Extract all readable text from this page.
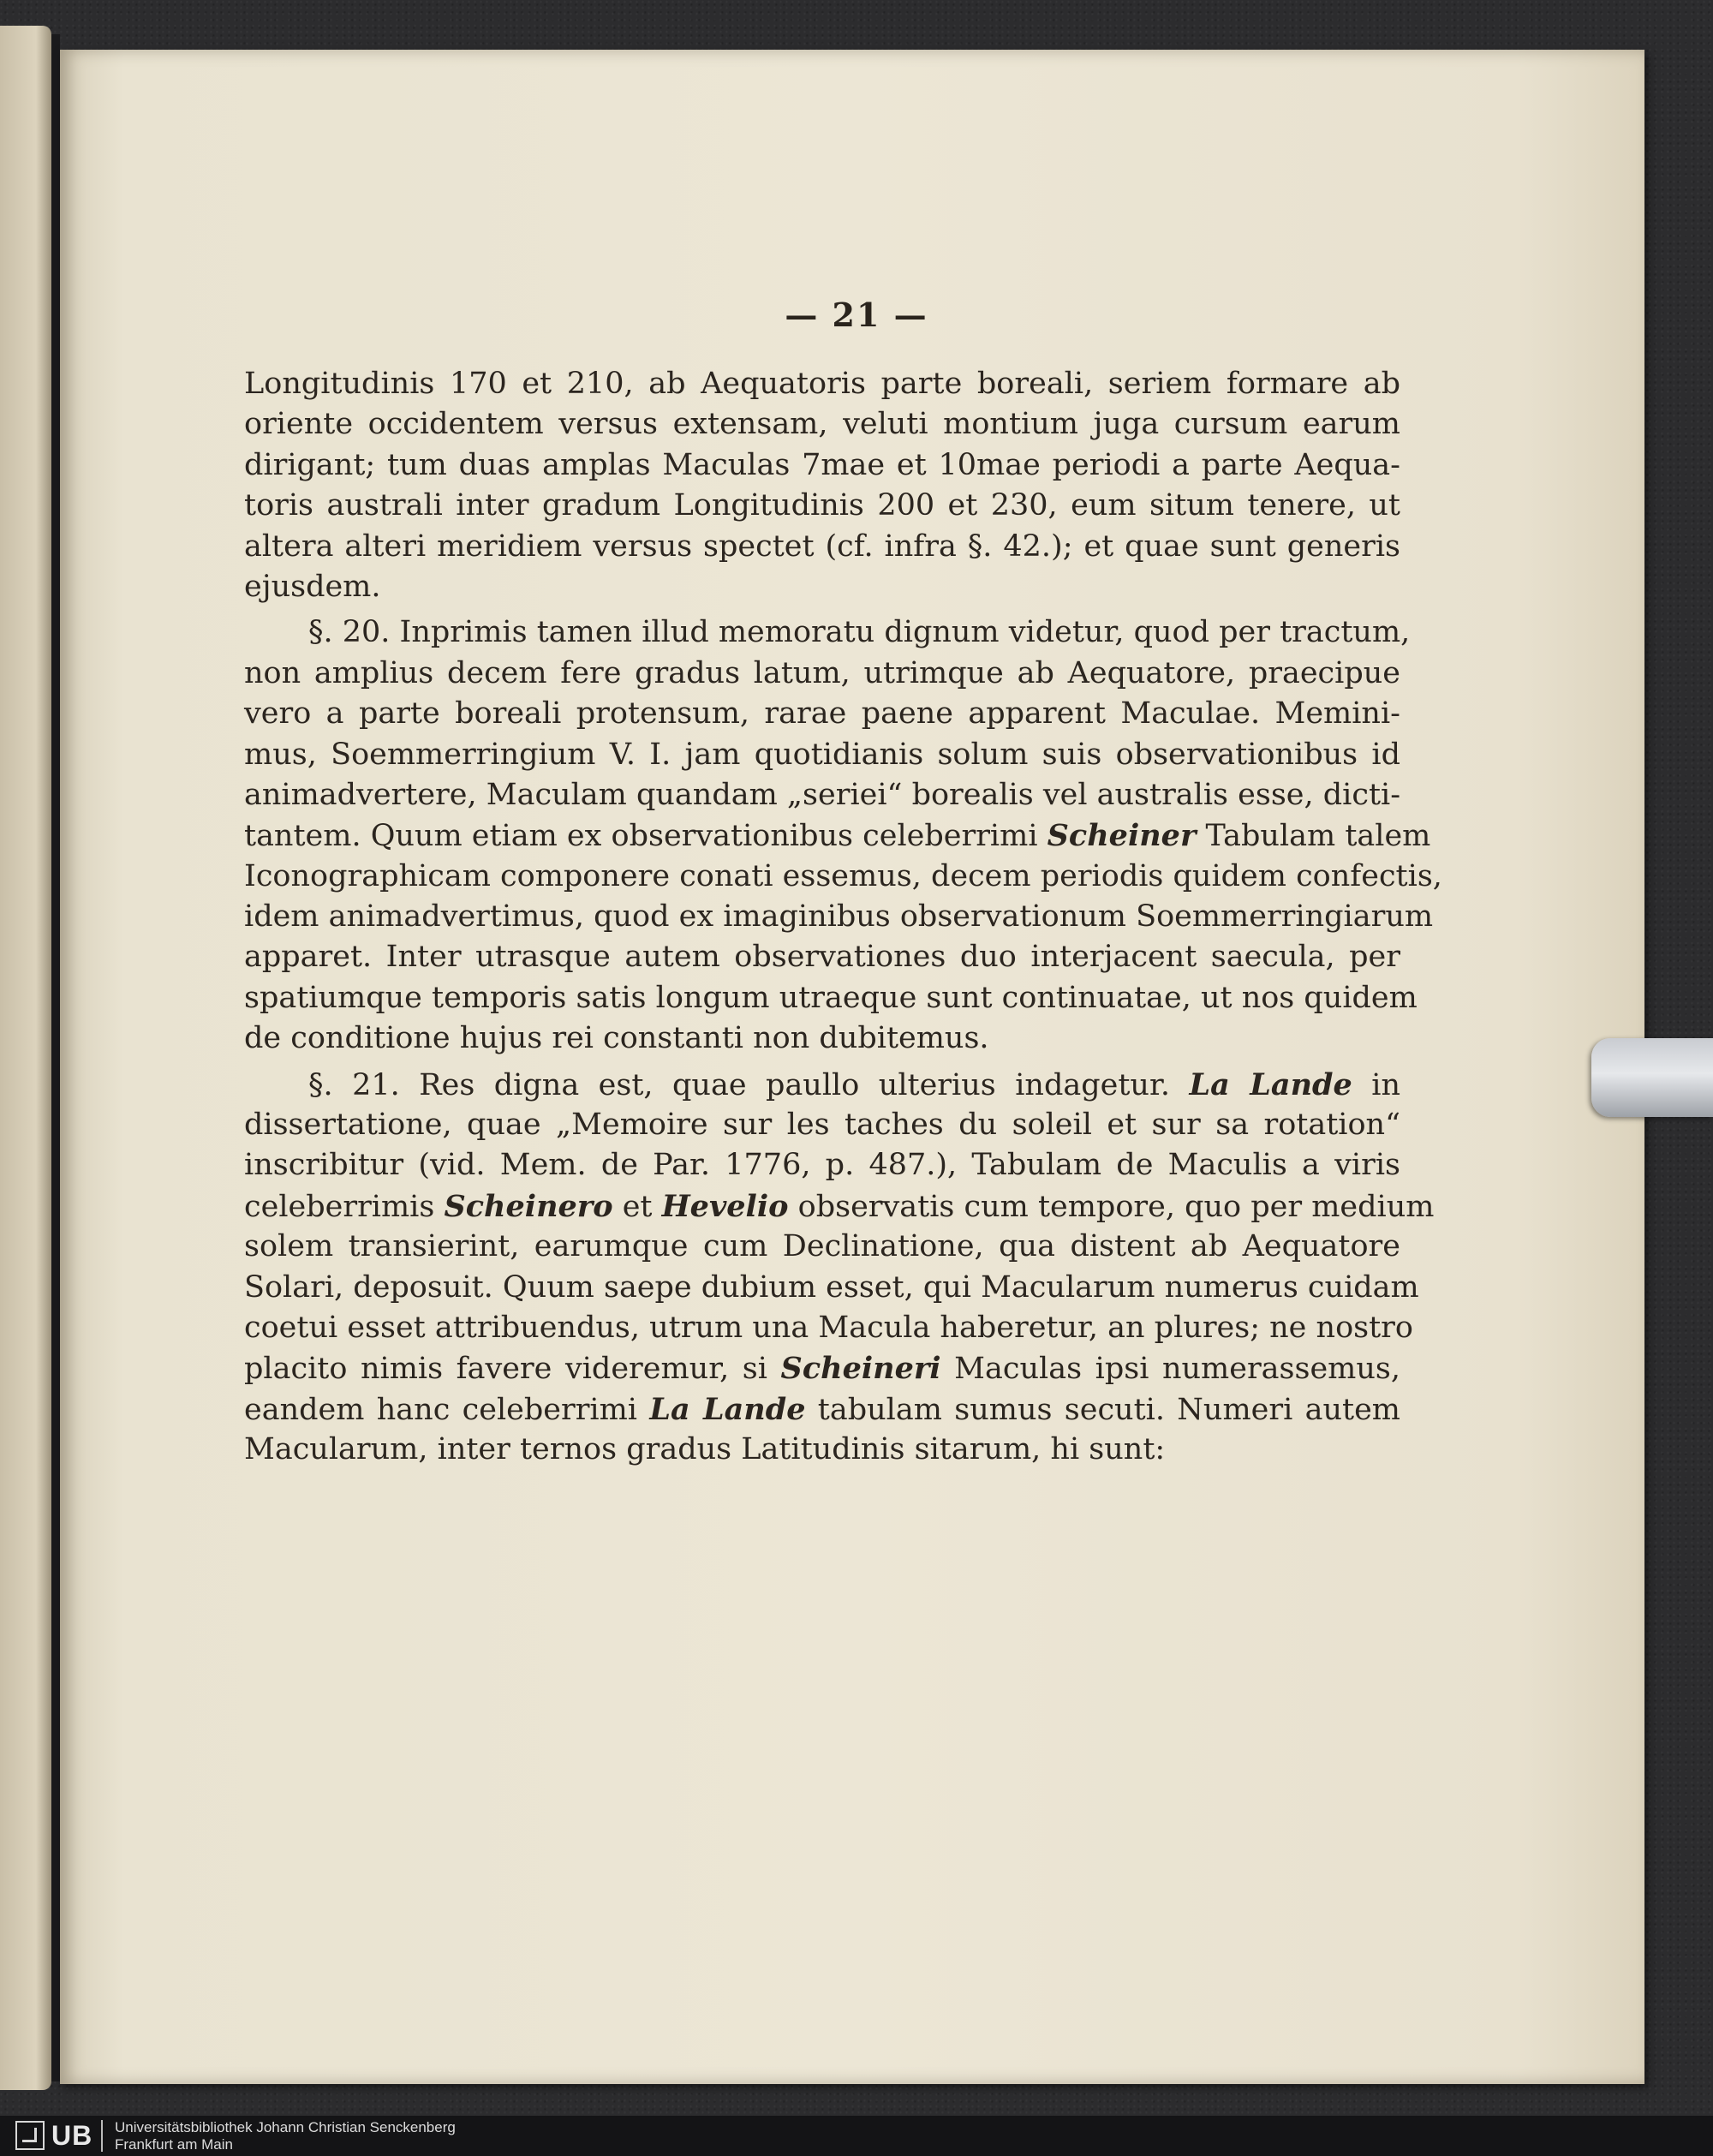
— 21 —
Longitudinis 170 et 210, ab Aequatoris parte boreali, seriem formare ab
oriente occidentem versus extensam, veluti montium juga cursum earum
dirigant; tum duas amplas Maculas 7mae et 10mae periodi a parte Aequa-
toris australi inter gradum Longitudinis 200 et 230, eum situm tenere, ut
altera alteri meridiem versus spectet (cf. infra §. 42.); et quae sunt generis
ejusdem.
§. 20. Inprimis tamen illud memoratu dignum videtur, quod per tractum,
non amplius decem fere gradus latum, utrimque ab Aequatore, praecipue
vero a parte boreali protensum, rarae paene apparent Maculae. Memini-
mus, Soemmerringium V. I. jam quotidianis solum suis observationibus id
animadvertere, Maculam quandam „seriei“ borealis vel australis esse, dicti-
tantem. Quum etiam ex observationibus celeberrimi Scheiner Tabulam talem
Iconographicam componere conati essemus, decem periodis quidem confectis,
idem animadvertimus, quod ex imaginibus observationum Soemmerringiarum
apparet. Inter utrasque autem observationes duo interjacent saecula, per
spatiumque temporis satis longum utraeque sunt continuatae, ut nos quidem
de conditione hujus rei constanti non dubitemus.
§. 21. Res digna est, quae paullo ulterius indagetur. La Lande in
dissertatione, quae „Memoire sur les taches du soleil et sur sa rotation“
inscribitur (vid. Mem. de Par. 1776, p. 487.), Tabulam de Maculis a viris
celeberrimis Scheinero et Hevelio observatis cum tempore, quo per medium
solem transierint, earumque cum Declinatione, qua distent ab Aequatore
Solari, deposuit. Quum saepe dubium esset, qui Macularum numerus cuidam
coetui esset attribuendus, utrum una Macula haberetur, an plures; ne nostro
placito nimis favere videremur, si Scheineri Maculas ipsi numerassemus,
eandem hanc celeberrimi La Lande tabulam sumus secuti. Numeri autem
Macularum, inter ternos gradus Latitudinis sitarum, hi sunt:
UB	Universitätsbibliothek Johann Christian Senckenberg
Frankfurt am Main
